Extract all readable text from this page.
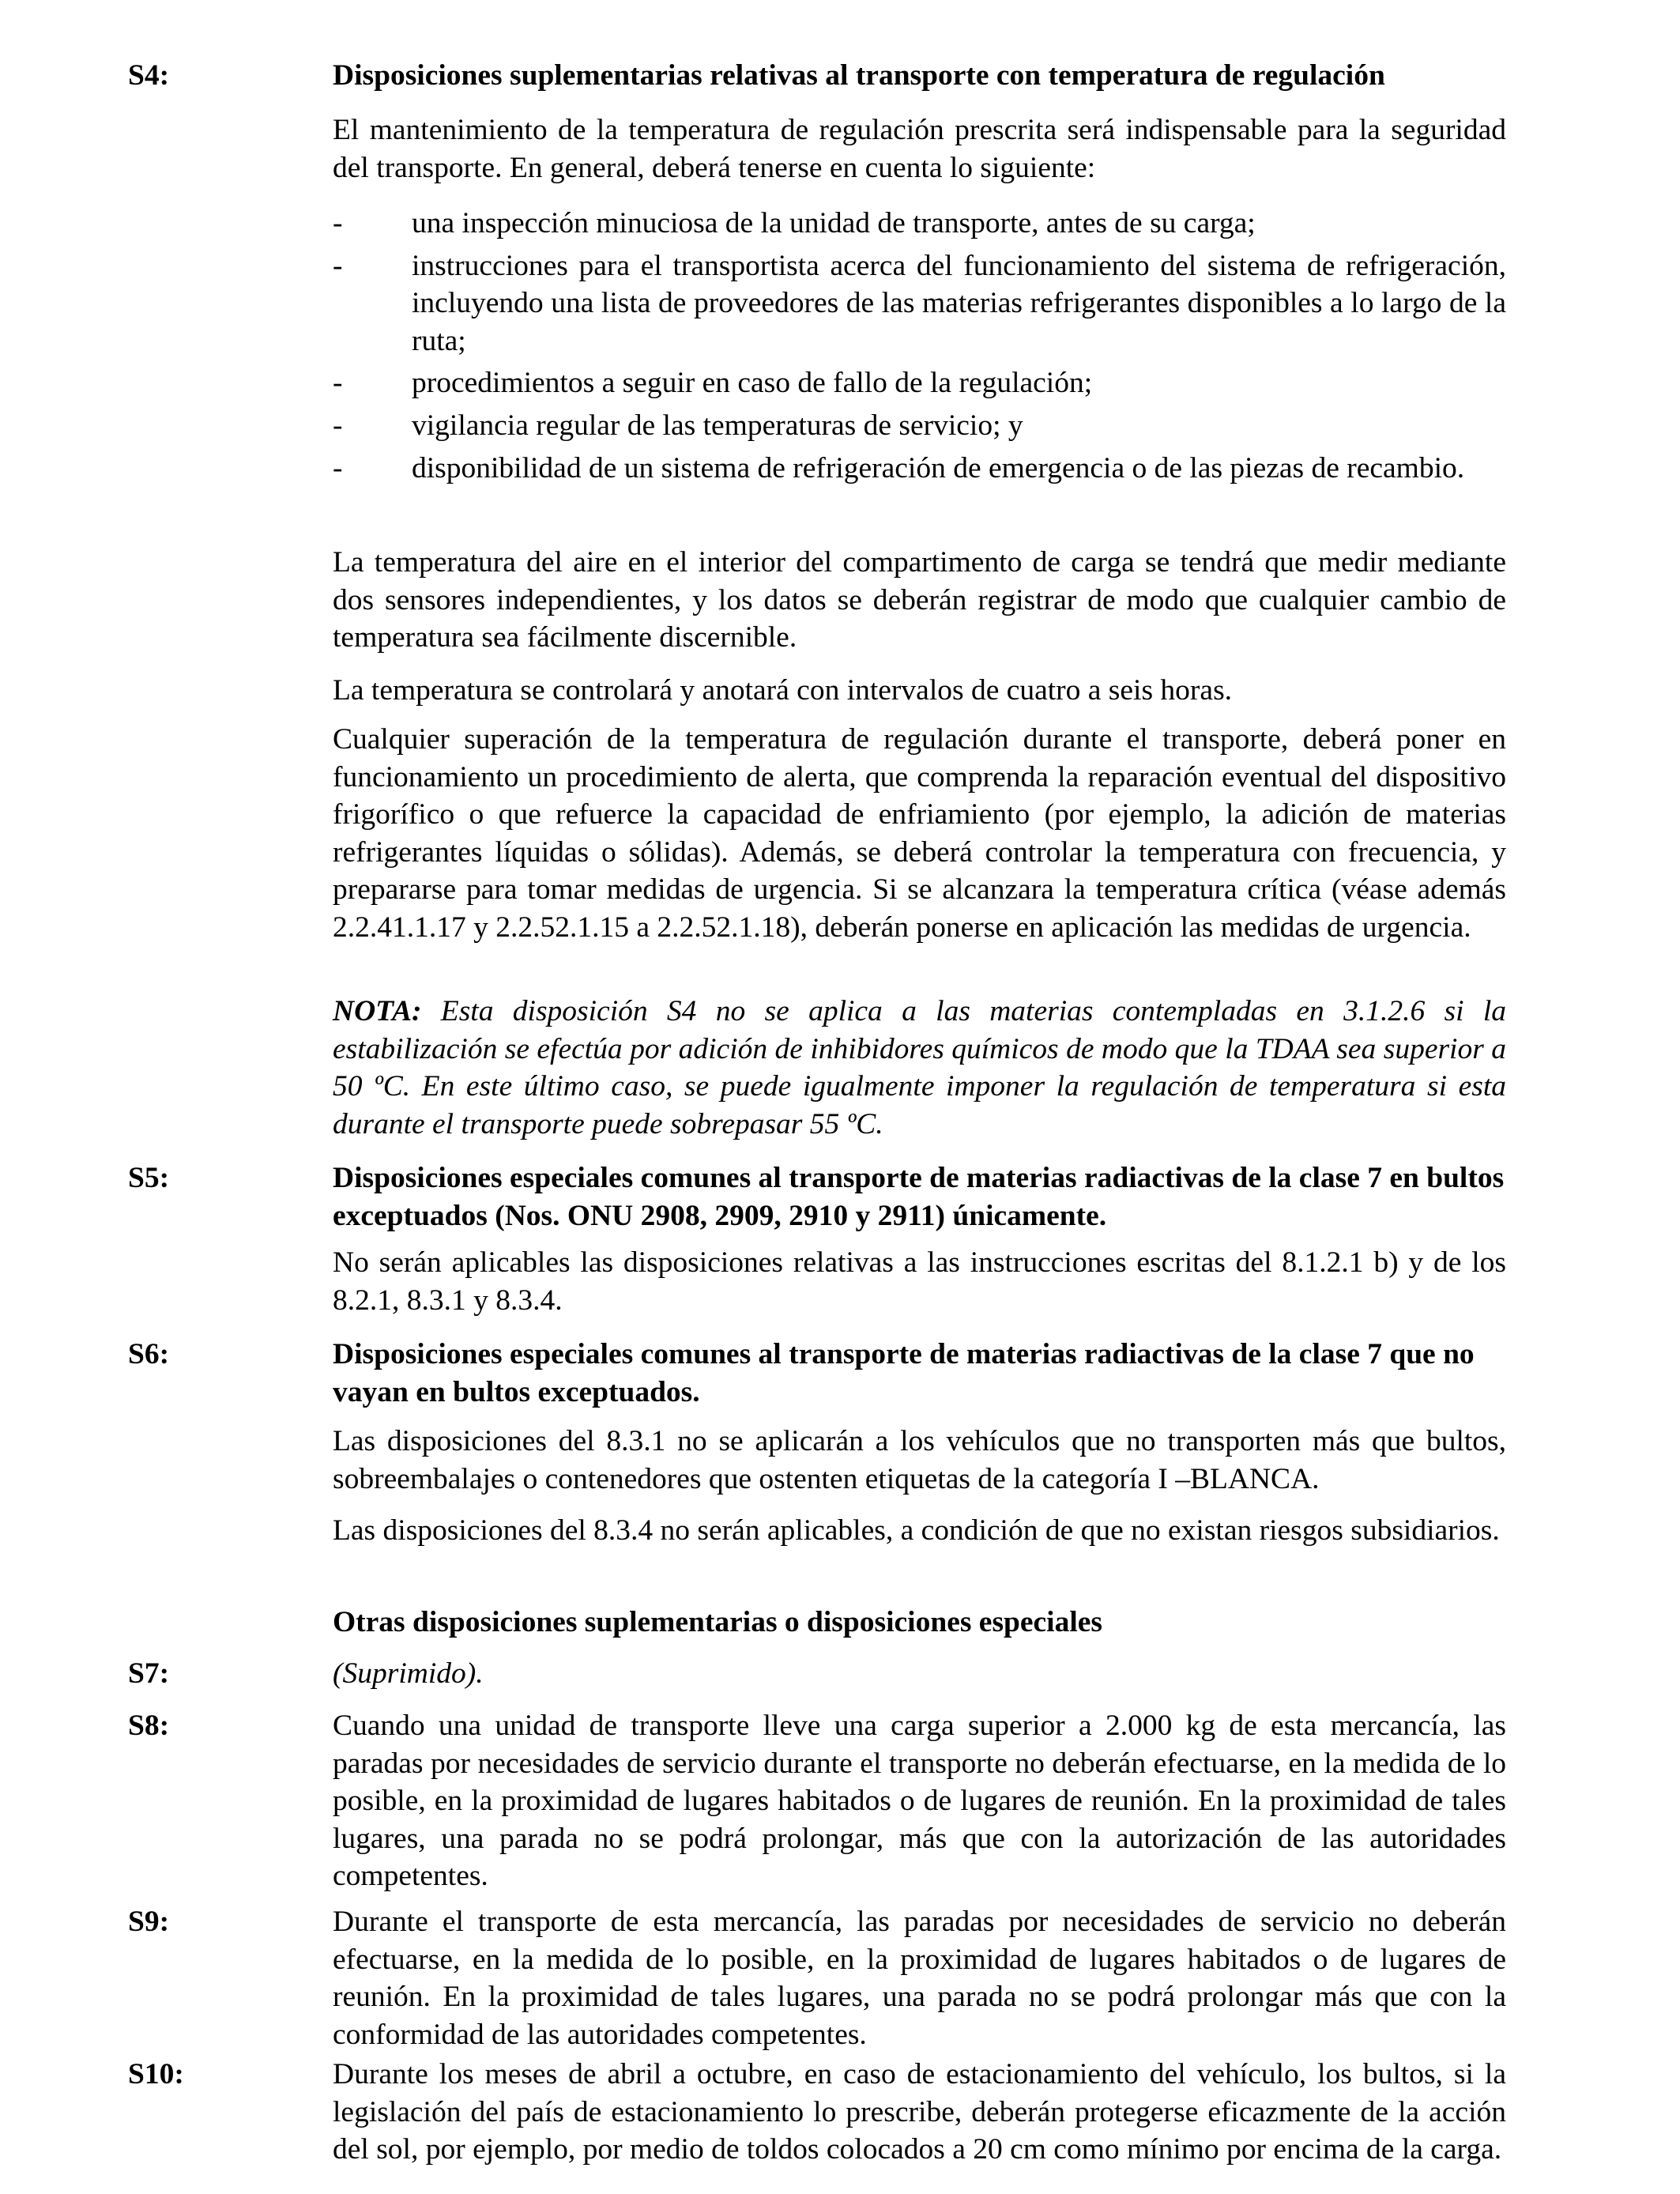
S4:	Disposiciones suplementarias relativas al transporte con temperatura de regulación

El mantenimiento de la temperatura de regulación prescrita será indispensable para la seguridad del transporte. En general, deberá tenerse en cuenta lo siguiente:

- una inspección minuciosa de la unidad de transporte, antes de su carga;
- instrucciones para el transportista acerca del funcionamiento del sistema de refrigeración, incluyendo una lista de proveedores de las materias refrigerantes disponibles a lo largo de la ruta;
- procedimientos a seguir en caso de fallo de la regulación;
- vigilancia regular de las temperaturas de servicio; y
- disponibilidad de un sistema de refrigeración de emergencia o de las piezas de recambio.

La temperatura del aire en el interior del compartimento de carga se tendrá que medir mediante dos sensores independientes, y los datos se deberán registrar de modo que cualquier cambio de temperatura sea fácilmente discernible.

La temperatura se controlará y anotará con intervalos de cuatro a seis horas.

Cualquier superación de la temperatura de regulación durante el transporte, deberá poner en funcionamiento un procedimiento de alerta, que comprenda la reparación eventual del dispositivo frigorífico o que refuerce la capacidad de enfriamiento (por ejemplo, la adición de materias refrigerantes líquidas o sólidas). Además, se deberá controlar la temperatura con frecuencia, y prepararse para tomar medidas de urgencia. Si se alcanzara la temperatura crítica (véase además 2.2.41.1.17 y 2.2.52.1.15 a 2.2.52.1.18), deberán ponerse en aplicación las medidas de urgencia.

NOTA: Esta disposición S4 no se aplica a las materias contempladas en 3.1.2.6 si la estabilización se efectúa por adición de inhibidores químicos de modo que la TDAA sea superior a 50 ºC. En este último caso, se puede igualmente imponer la regulación de temperatura si esta durante el transporte puede sobrepasar 55 ºC.

S5:	Disposiciones especiales comunes al transporte de materias radiactivas de la clase 7 en bultos exceptuados (Nos. ONU 2908, 2909, 2910 y 2911) únicamente.

No serán aplicables las disposiciones relativas a las instrucciones escritas del 8.1.2.1 b) y de los 8.2.1, 8.3.1 y 8.3.4.

S6:	Disposiciones especiales comunes al transporte de materias radiactivas de la clase 7 que no vayan en bultos exceptuados.

Las disposiciones del 8.3.1 no se aplicarán a los vehículos que no transporten más que bultos, sobreembalajes o contenedores que ostenten etiquetas de la categoría I –BLANCA.

Las disposiciones del 8.3.4 no serán aplicables, a condición de que no existan riesgos subsidiarios.

Otras disposiciones suplementarias o disposiciones especiales
S7:	(Suprimido).
S8:	Cuando una unidad de transporte lleve una carga superior a 2.000 kg de esta mercancía, las paradas por necesidades de servicio durante el transporte no deberán efectuarse, en la medida de lo posible, en la proximidad de lugares habitados o de lugares de reunión. En la proximidad de tales lugares, una parada no se podrá prolongar, más que con la autorización de las autoridades competentes.

S9:	Durante el transporte de esta mercancía, las paradas por necesidades de servicio no deberán efectuarse, en la medida de lo posible, en la proximidad de lugares habitados o de lugares de reunión. En la proximidad de tales lugares, una parada no se podrá prolongar más que con la conformidad de las autoridades competentes.

S10:	Durante los meses de abril a octubre, en caso de estacionamiento del vehículo, los bultos, si la legislación del país de estacionamiento lo prescribe, deberán protegerse eficazmente de la acción del sol, por ejemplo, por medio de toldos colocados a 20 cm como mínimo por encima de la carga.
